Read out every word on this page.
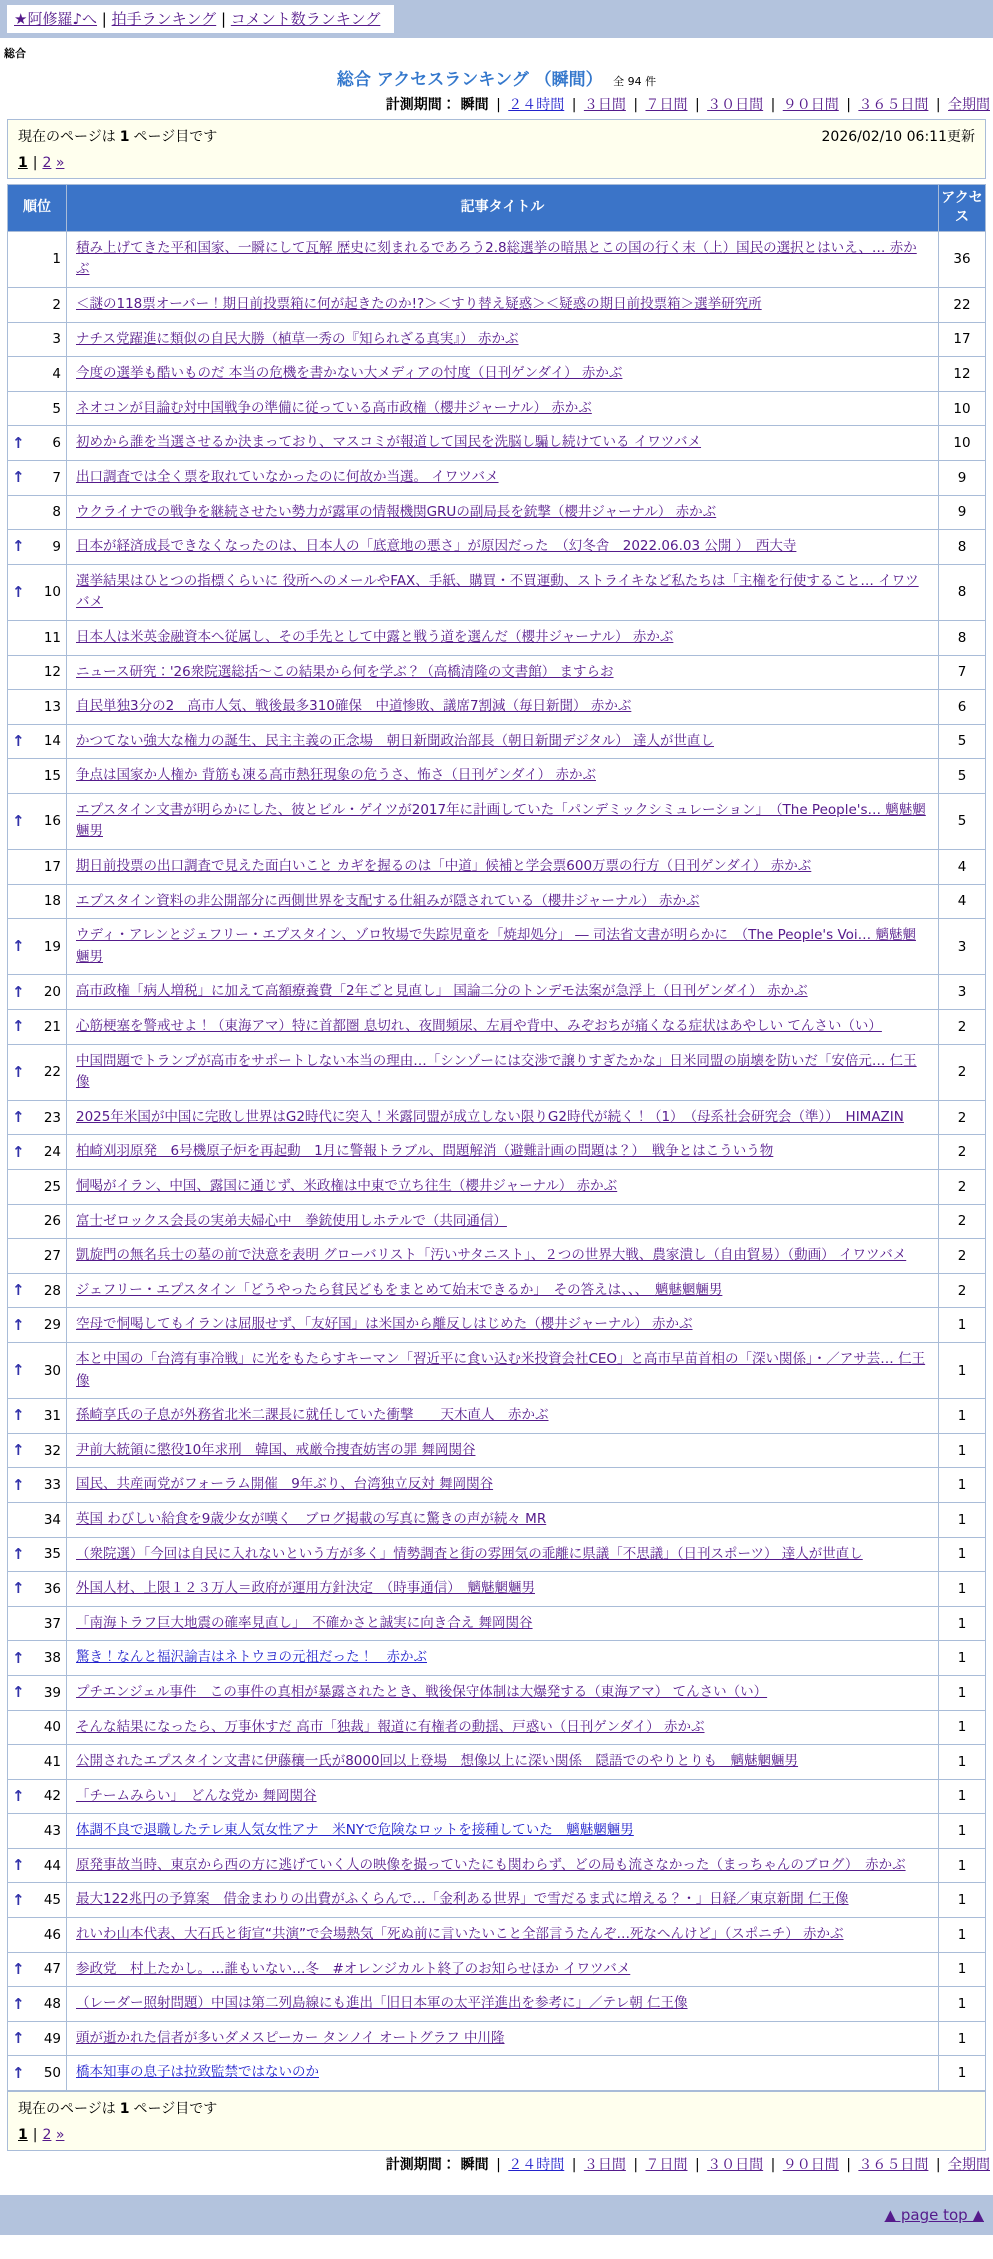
★阿修羅♪へ | 拍手ランキング | コメント数ランキング
総合
総合 アクセスランキング （瞬間） 全 94 件
計測期間： 瞬間 | ２４時間 | ３日間 | ７日間 | ３０日間 | ９０日間 | ３６５日間 | 全期間
現在のページは 1 ページ目です	2026/02/10 06:11更新
1 | 2 »
順位	記事タイトル	アクセス

1	積み上げてきた平和国家、一瞬にして瓦解 歴史に刻まれるであろう2.8総選挙の暗黒とこの国の行く末（上）国民の選択とはいえ、… 赤かぶ	36

2	＜謎の118票オーバー！期日前投票箱に何が起きたのか!?＞＜すり替え疑惑＞＜疑惑の期日前投票箱＞選挙研究所	22

3	ナチス党躍進に類似の自民大勝（植草一秀の『知られざる真実』） 赤かぶ	17

4	今度の選挙も酷いものだ 本当の危機を書かない大メディアの忖度（日刊ゲンダイ） 赤かぶ	12

5	ネオコンが目論む対中国戦争の準備に従っている高市政権（櫻井ジャーナル） 赤かぶ	10

↑ 6	初めから誰を当選させるか決まっており、マスコミが報道して国民を洗脳し騙し続けている イワツバメ	10

↑ 7	出口調査では全く票を取れていなかったのに何故か当選。 イワツバメ	9

8	ウクライナでの戦争を継続させたい勢力が露軍の情報機関GRUの副局長を銃撃（櫻井ジャーナル） 赤かぶ	9

↑ 9	日本が経済成長できなくなったのは、日本人の「底意地の悪さ」が原因だった　（幻冬舎　2022.06.03 公開 ）　西大寺	8

↑ 10	選挙結果はひとつの指標くらいに 役所へのメールやFAX、手紙、購買・不買運動、ストライキなど私たちは「主権を行使すること… イワツバメ	8

11	日本人は米英金融資本へ従属し、その手先として中露と戦う道を選んだ（櫻井ジャーナル） 赤かぶ	8

12	ニュース研究：'26衆院選総括～この結果から何を学ぶ？（高橋清隆の文書館） ますらお	7

13	自民単独3分の2　高市人気、戦後最多310確保　中道惨敗、議席7割減（毎日新聞） 赤かぶ	6

↑ 14	かつてない強大な権力の誕生、民主主義の正念場　朝日新聞政治部長（朝日新聞デジタル） 達人が世直し	5

15	争点は国家か人権か 背筋も凍る高市熱狂現象の危うさ、怖さ（日刊ゲンダイ） 赤かぶ	5

↑ 16	エプスタイン文書が明らかにした、彼とビル・ゲイツが2017年に計画していた「パンデミックシミュレーション」　（The People's… 魑魅魍魎男	5

17	期日前投票の出口調査で見えた面白いこと カギを握るのは「中道」候補と学会票600万票の行方（日刊ゲンダイ） 赤かぶ	4

18	エプスタイン資料の非公開部分に西側世界を支配する仕組みが隠されている（櫻井ジャーナル） 赤かぶ	4

↑ 19	ウディ・アレンとジェフリー・エプスタイン、ゾロ牧場で失踪児童を「焼却処分」 ― 司法省文書が明らかに　（The People's Voi… 魑魅魍魎男	3

↑ 20	高市政権「病人増税」に加えて高額療養費「2年ごと見直し」 国論二分のトンデモ法案が急浮上（日刊ゲンダイ） 赤かぶ	3

↑ 21	心筋梗塞を警戒せよ！（東海アマ）特に首都圏 息切れ、夜間頻尿、左肩や背中、みぞおちが痛くなる症状はあやしい てんさい（い）	2

↑ 22	中国問題でトランプが高市をサポートしない本当の理由…「シンゾーには交渉で譲りすぎたかな」日米同盟の崩壊を防いだ「安倍元… 仁王像	2

↑ 23	2025年米国が中国に完敗し世界はG2時代に突入！米露同盟が成立しない限りG2時代が続く！（1）　（母系社会研究会（準））　HIMAZIN	2

↑ 24	柏崎刈羽原発　6号機原子炉を再起動　1月に警報トラブル、問題解消（避難計画の問題は？）　戦争とはこういう物	2

25	恫喝がイラン、中国、露国に通じず、米政権は中東で立ち往生（櫻井ジャーナル） 赤かぶ	2

26	富士ゼロックス会長の実弟夫婦心中　拳銃使用しホテルで（共同通信）	2

27	凱旋門の無名兵士の墓の前で決意を表明 グローバリスト「汚いサタニスト」、２つの世界大戦、農家潰し（自由貿易）（動画） イワツバメ	2

↑ 28	ジェフリー・エプスタイン「どうやったら貧民どもをまとめて始末できるか」　その答えは、、、　魑魅魍魎男	2

↑ 29	空母で恫喝してもイランは屈服せず、「友好国」は米国から離反しはじめた（櫻井ジャーナル） 赤かぶ	1

↑ 30	本と中国の「台湾有事冷戦」に光をもたらすキーマン「習近平に食い込む米投資会社CEO」と高市早苗首相の「深い関係」・／アサ芸… 仁王像	1

↑ 31	孫崎享氏の子息が外務省北米二課長に就任していた衝撃　　天木直人　赤かぶ	1

↑ 32	尹前大統領に懲役10年求刑　韓国、戒厳令捜査妨害の罪 舞岡関谷	1

↑ 33	国民、共産両党がフォーラム開催　9年ぶり、台湾独立反対 舞岡関谷	1

34	英国 わびしい給食を9歳少女が嘆く　ブログ掲載の写真に驚きの声が続々 MR	1

↑ 35	（衆院選）「今回は自民に入れないという方が多く」情勢調査と街の雰囲気の乖離に県議「不思議」（日刊スポーツ） 達人が世直し	1

↑ 36	外国人材、上限１２３万人＝政府が運用方針決定　（時事通信）　魑魅魍魎男	1

37	「南海トラフ巨大地震の確率見直し」　不確かさと誠実に向き合え 舞岡関谷	1

↑ 38	驚き！なんと福沢諭吉はネトウヨの元祖だった！　赤かぶ	1

↑ 39	プチエンジェル事件　この事件の真相が暴露されたとき、戦後保守体制は大爆発する（東海アマ） てんさい（い）	1

40	そんな結果になったら、万事休すだ 高市「独裁」報道に有権者の動揺、戸惑い（日刊ゲンダイ） 赤かぶ	1

41	公開されたエプスタイン文書に伊藤穰一氏が8000回以上登場　想像以上に深い関係　隠語でのやりとりも　魑魅魍魎男	1

↑ 42	「チームみらい」　どんな党か 舞岡関谷	1

43	体調不良で退職したテレ東人気女性アナ　米NYで危険なロットを接種していた　魑魅魍魎男	1

↑ 44	原発事故当時、東京から西の方に逃げていく人の映像を撮っていたにも関わらず、どの局も流さなかった（まっちゃんのブログ）　赤かぶ	1

↑ 45	最大122兆円の予算案　借金まわりの出費がふくらんで…「金利ある世界」で雪だるま式に増える？・」日経／東京新聞 仁王像	1

46	れいわ山本代表、大石氏と街宣“共演”で会場熱気「死ぬ前に言いたいこと全部言うたんぞ…死なへんけど」（スポニチ） 赤かぶ	1

↑ 47	参政党　村上たかし。…誰もいない…冬　#オレンジカルト終了のお知らせほか イワツバメ	1

↑ 48	（レーダー照射問題）中国は第二列島線にも進出「旧日本軍の太平洋進出を参考に」／テレ朝 仁王像	1

↑ 49	頭が逝かれた信者が多いダメスピーカー タンノイ オートグラフ 中川隆	1

↑ 50	橋本知事の息子は拉致監禁ではないのか	1
現在のページは 1 ページ目です
1 | 2 »
計測期間： 瞬間 | ２４時間 | ３日間 | ７日間 | ３０日間 | ９０日間 | ３６５日間 | 全期間
▲ page top ▲
